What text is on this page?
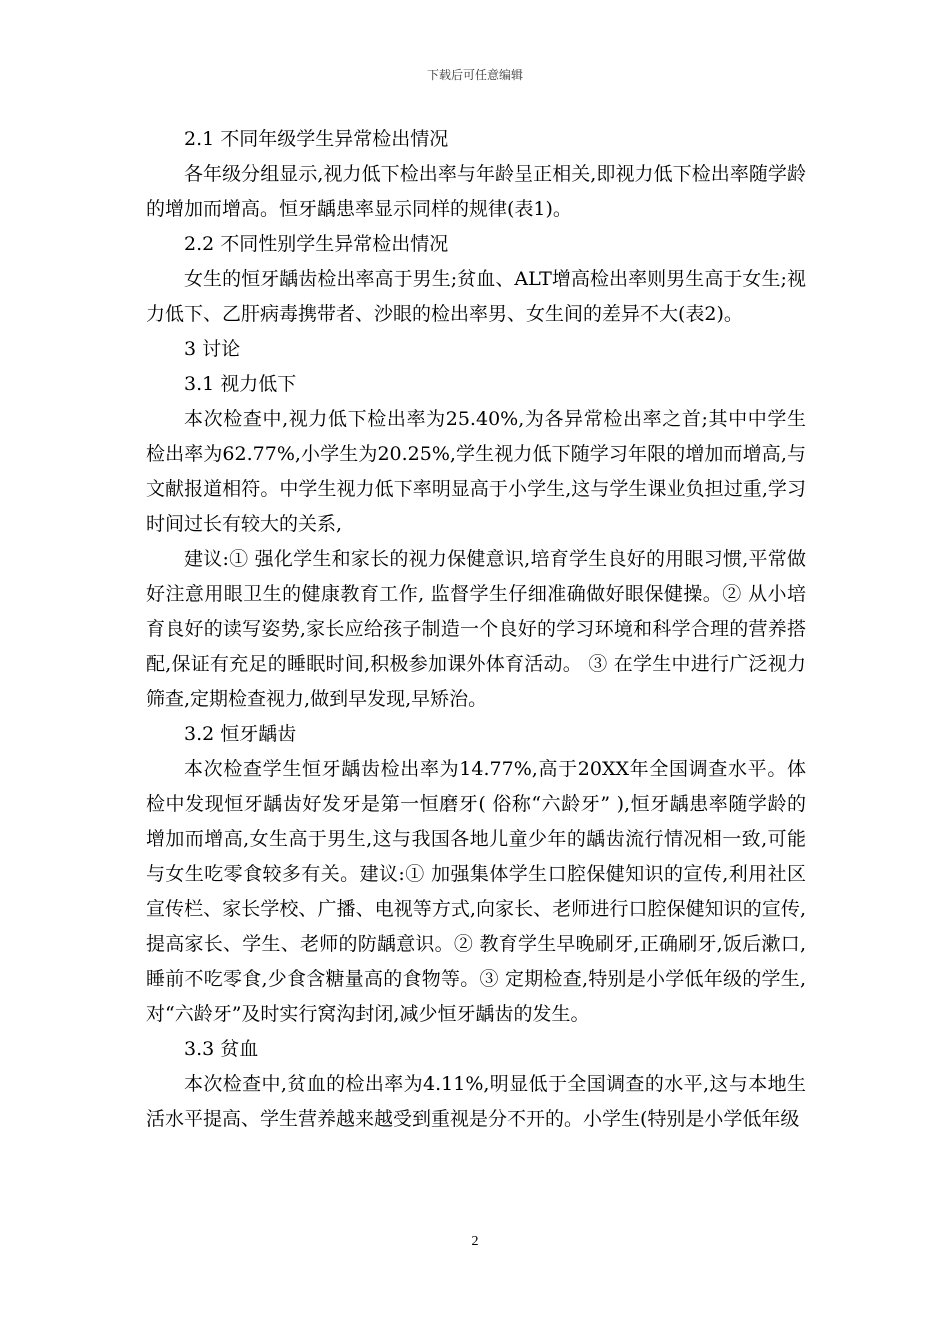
下载后可任意编辑

2.1 不同年级学生异常检出情况

各年级分组显示,视力低下检出率与年龄呈正相关,即视力低下检出率随学龄的增加而增高。恒牙龋患率显示同样的规律(表1)。

2.2 不同性别学生异常检出情况

女生的恒牙龋齿检出率高于男生;贫血、ALT增高检出率则男生高于女生;视力低下、乙肝病毒携带者、沙眼的检出率男、女生间的差异不大(表2)。

3 讨论

3.1 视力低下

本次检查中,视力低下检出率为25.40%,为各异常检出率之首;其中中学生检出率为62.77%,小学生为20.25%,学生视力低下随学习年限的增加而增高,与文献报道相符。中学生视力低下率明显高于小学生,这与学生课业负担过重,学习时间过长有较大的关系,

建议:① 强化学生和家长的视力保健意识,培育学生良好的用眼习惯,平常做好注意用眼卫生的健康教育工作, 监督学生仔细准确做好眼保健操。② 从小培育良好的读写姿势,家长应给孩子制造一个良好的学习环境和科学合理的营养搭配,保证有充足的睡眠时间,积极参加课外体育活动。 ③ 在学生中进行广泛视力筛查,定期检查视力,做到早发现,早矫治。

3.2 恒牙龋齿

本次检查学生恒牙龋齿检出率为14.77%,高于20XX年全国调查水平。体检中发现恒牙龋齿好发牙是第一恒磨牙( 俗称“六龄牙” ),恒牙龋患率随学龄的增加而增高,女生高于男生,这与我国各地儿童少年的龋齿流行情况相一致,可能与女生吃零食较多有关。建议:① 加强集体学生口腔保健知识的宣传,利用社区宣传栏、家长学校、广播、电视等方式,向家长、老师进行口腔保健知识的宣传,提高家长、学生、老师的防龋意识。② 教育学生早晚刷牙,正确刷牙,饭后漱口,睡前不吃零食,少食含糖量高的食物等。③ 定期检查,特别是小学低年级的学生,对“六龄牙”及时实行窝沟封闭,减少恒牙龋齿的发生。

3.3 贫血

本次检查中,贫血的检出率为4.11%,明显低于全国调查的水平,这与本地生活水平提高、学生营养越来越受到重视是分不开的。小学生(特别是小学低年级

2
